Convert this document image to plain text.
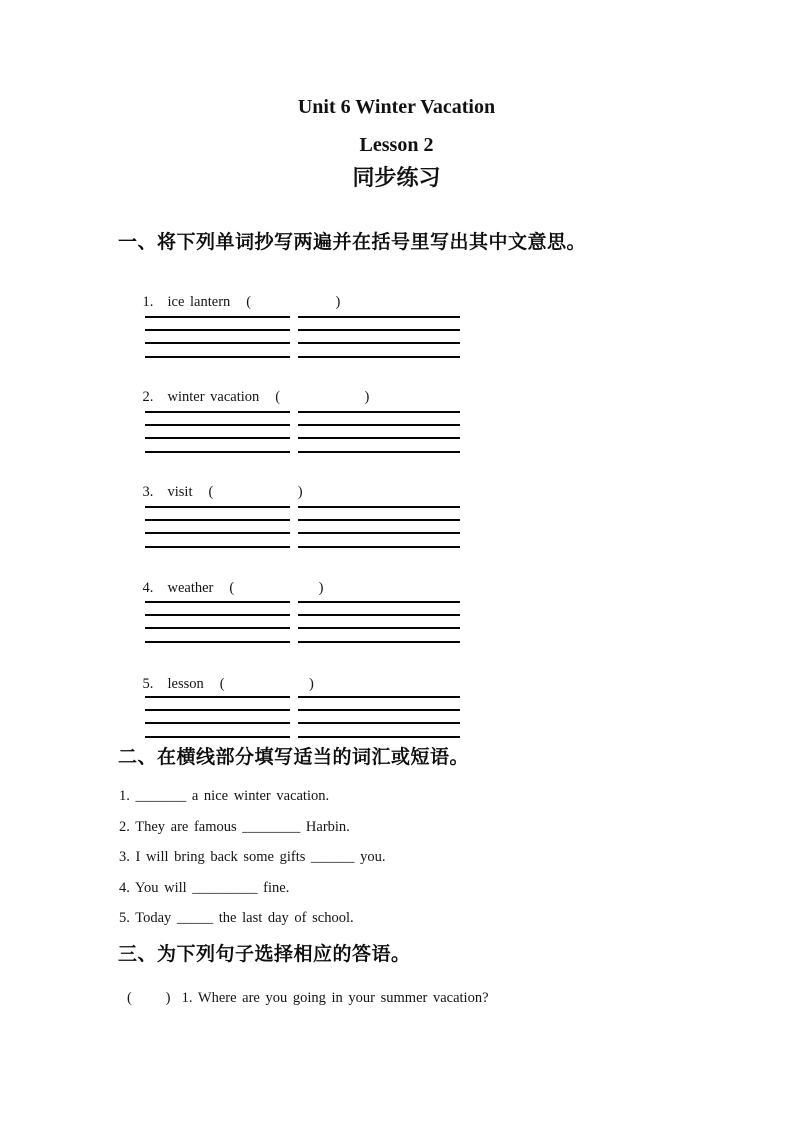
Unit 6 Winter Vacation
Lesson 2
同步练习
一、将下列单词抄写两遍并在括号里写出其中文意思。

1. ice lantern (               )

2. winter vacation (               )

3. visit (               )

4. weather (               )

5. lesson (               )

二、在横线部分填写适当的词汇或短语。
1. _______ a nice winter vacation.
2. They are famous ________ Harbin.
3. I will bring back some gifts ______ you.
4. You will _________ fine.
5. Today _____ the last day of school.
三、为下列句子选择相应的答语。
(      )  1. Where are you going in your summer vacation?
